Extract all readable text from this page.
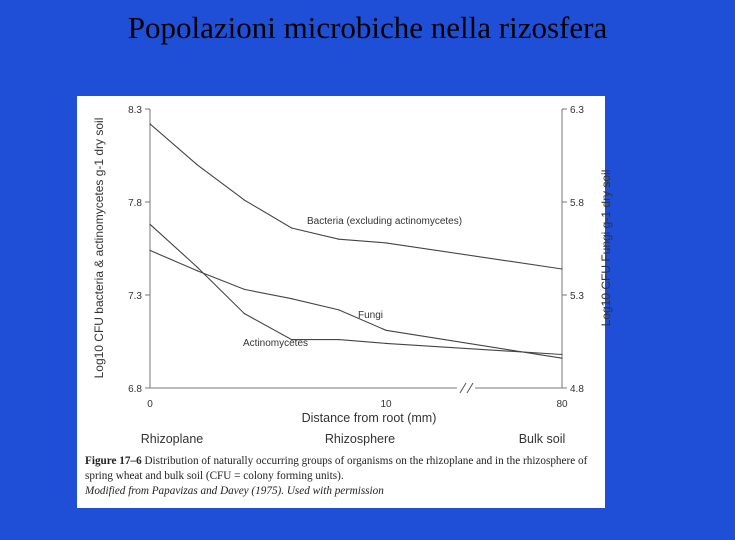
Popolazioni microbiche nella rizosfera
8.3
7.8
7.3
6.8
6.3
5.8
5.3
4.8
0	10	80
Distance from root (mm)
Log10 CFU bacteria & actinomycetes g-1 dry soil	Log10 CFU Fungi g-1 dry soil
Rhizoplane	Rhizosphere	Bulk soil
Bacteria (excluding actinomycetes)
Actinomycetes
Fungi
Figure 17–6 Distribution of naturally occurring groups of organisms on the rhizoplane and in the rhizosphere of spring wheat and bulk soil (CFU = colony forming units).
Modified from Papavizas and Davey (1975). Used with permission
